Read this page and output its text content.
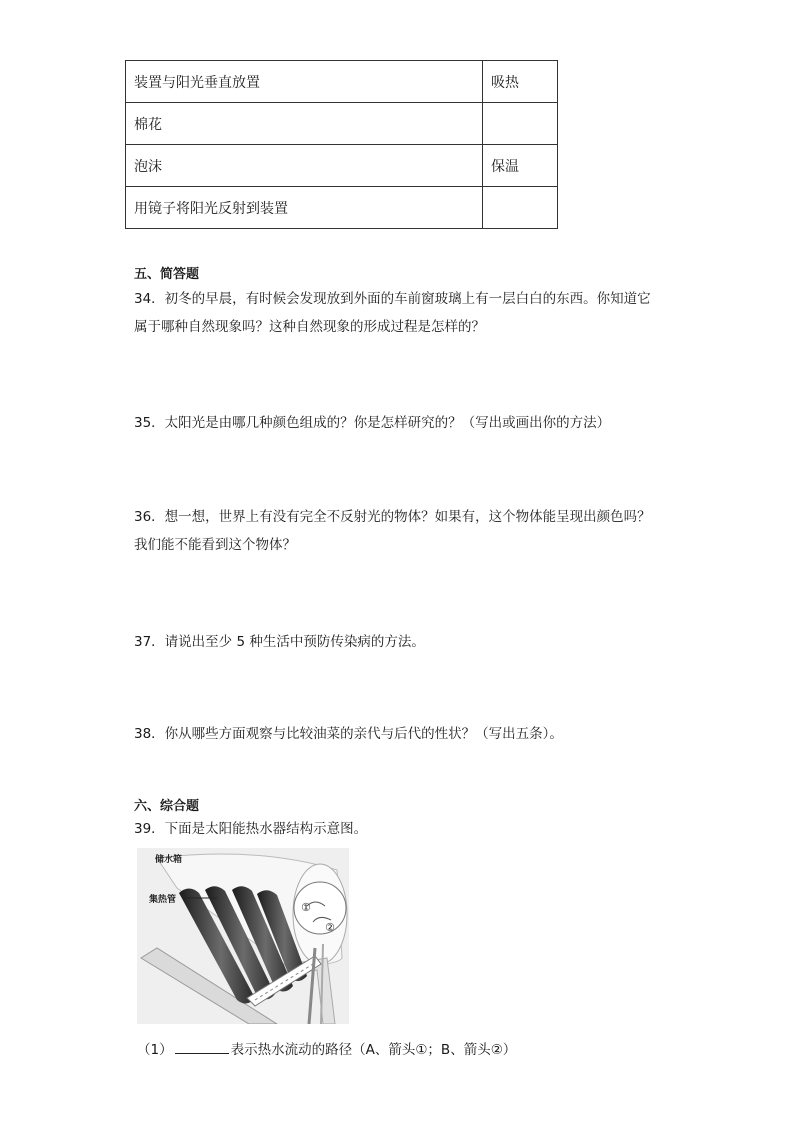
装置与阳光垂直放置	吸热
棉花	
泡沫	保温
用镜子将阳光反射到装置	
五、简答题
34．初冬的早晨，有时候会发现放到外面的车前窗玻璃上有一层白白的东西。你知道它
属于哪种自然现象吗？这种自然现象的形成过程是怎样的？
35．太阳光是由哪几种颜色组成的？你是怎样研究的？（写出或画出你的方法）
36．想一想，世界上有没有完全不反射光的物体？如果有，这个物体能呈现出颜色吗？
我们能不能看到这个物体？
37．请说出至少 5 种生活中预防传染病的方法。
38．你从哪些方面观察与比较油菜的亲代与后代的性状？（写出五条）。
六、综合题
39．下面是太阳能热水器结构示意图。
储水箱
集热管
①
②
（1）	表示热水流动的路径（A、箭头①；B、箭头②）
